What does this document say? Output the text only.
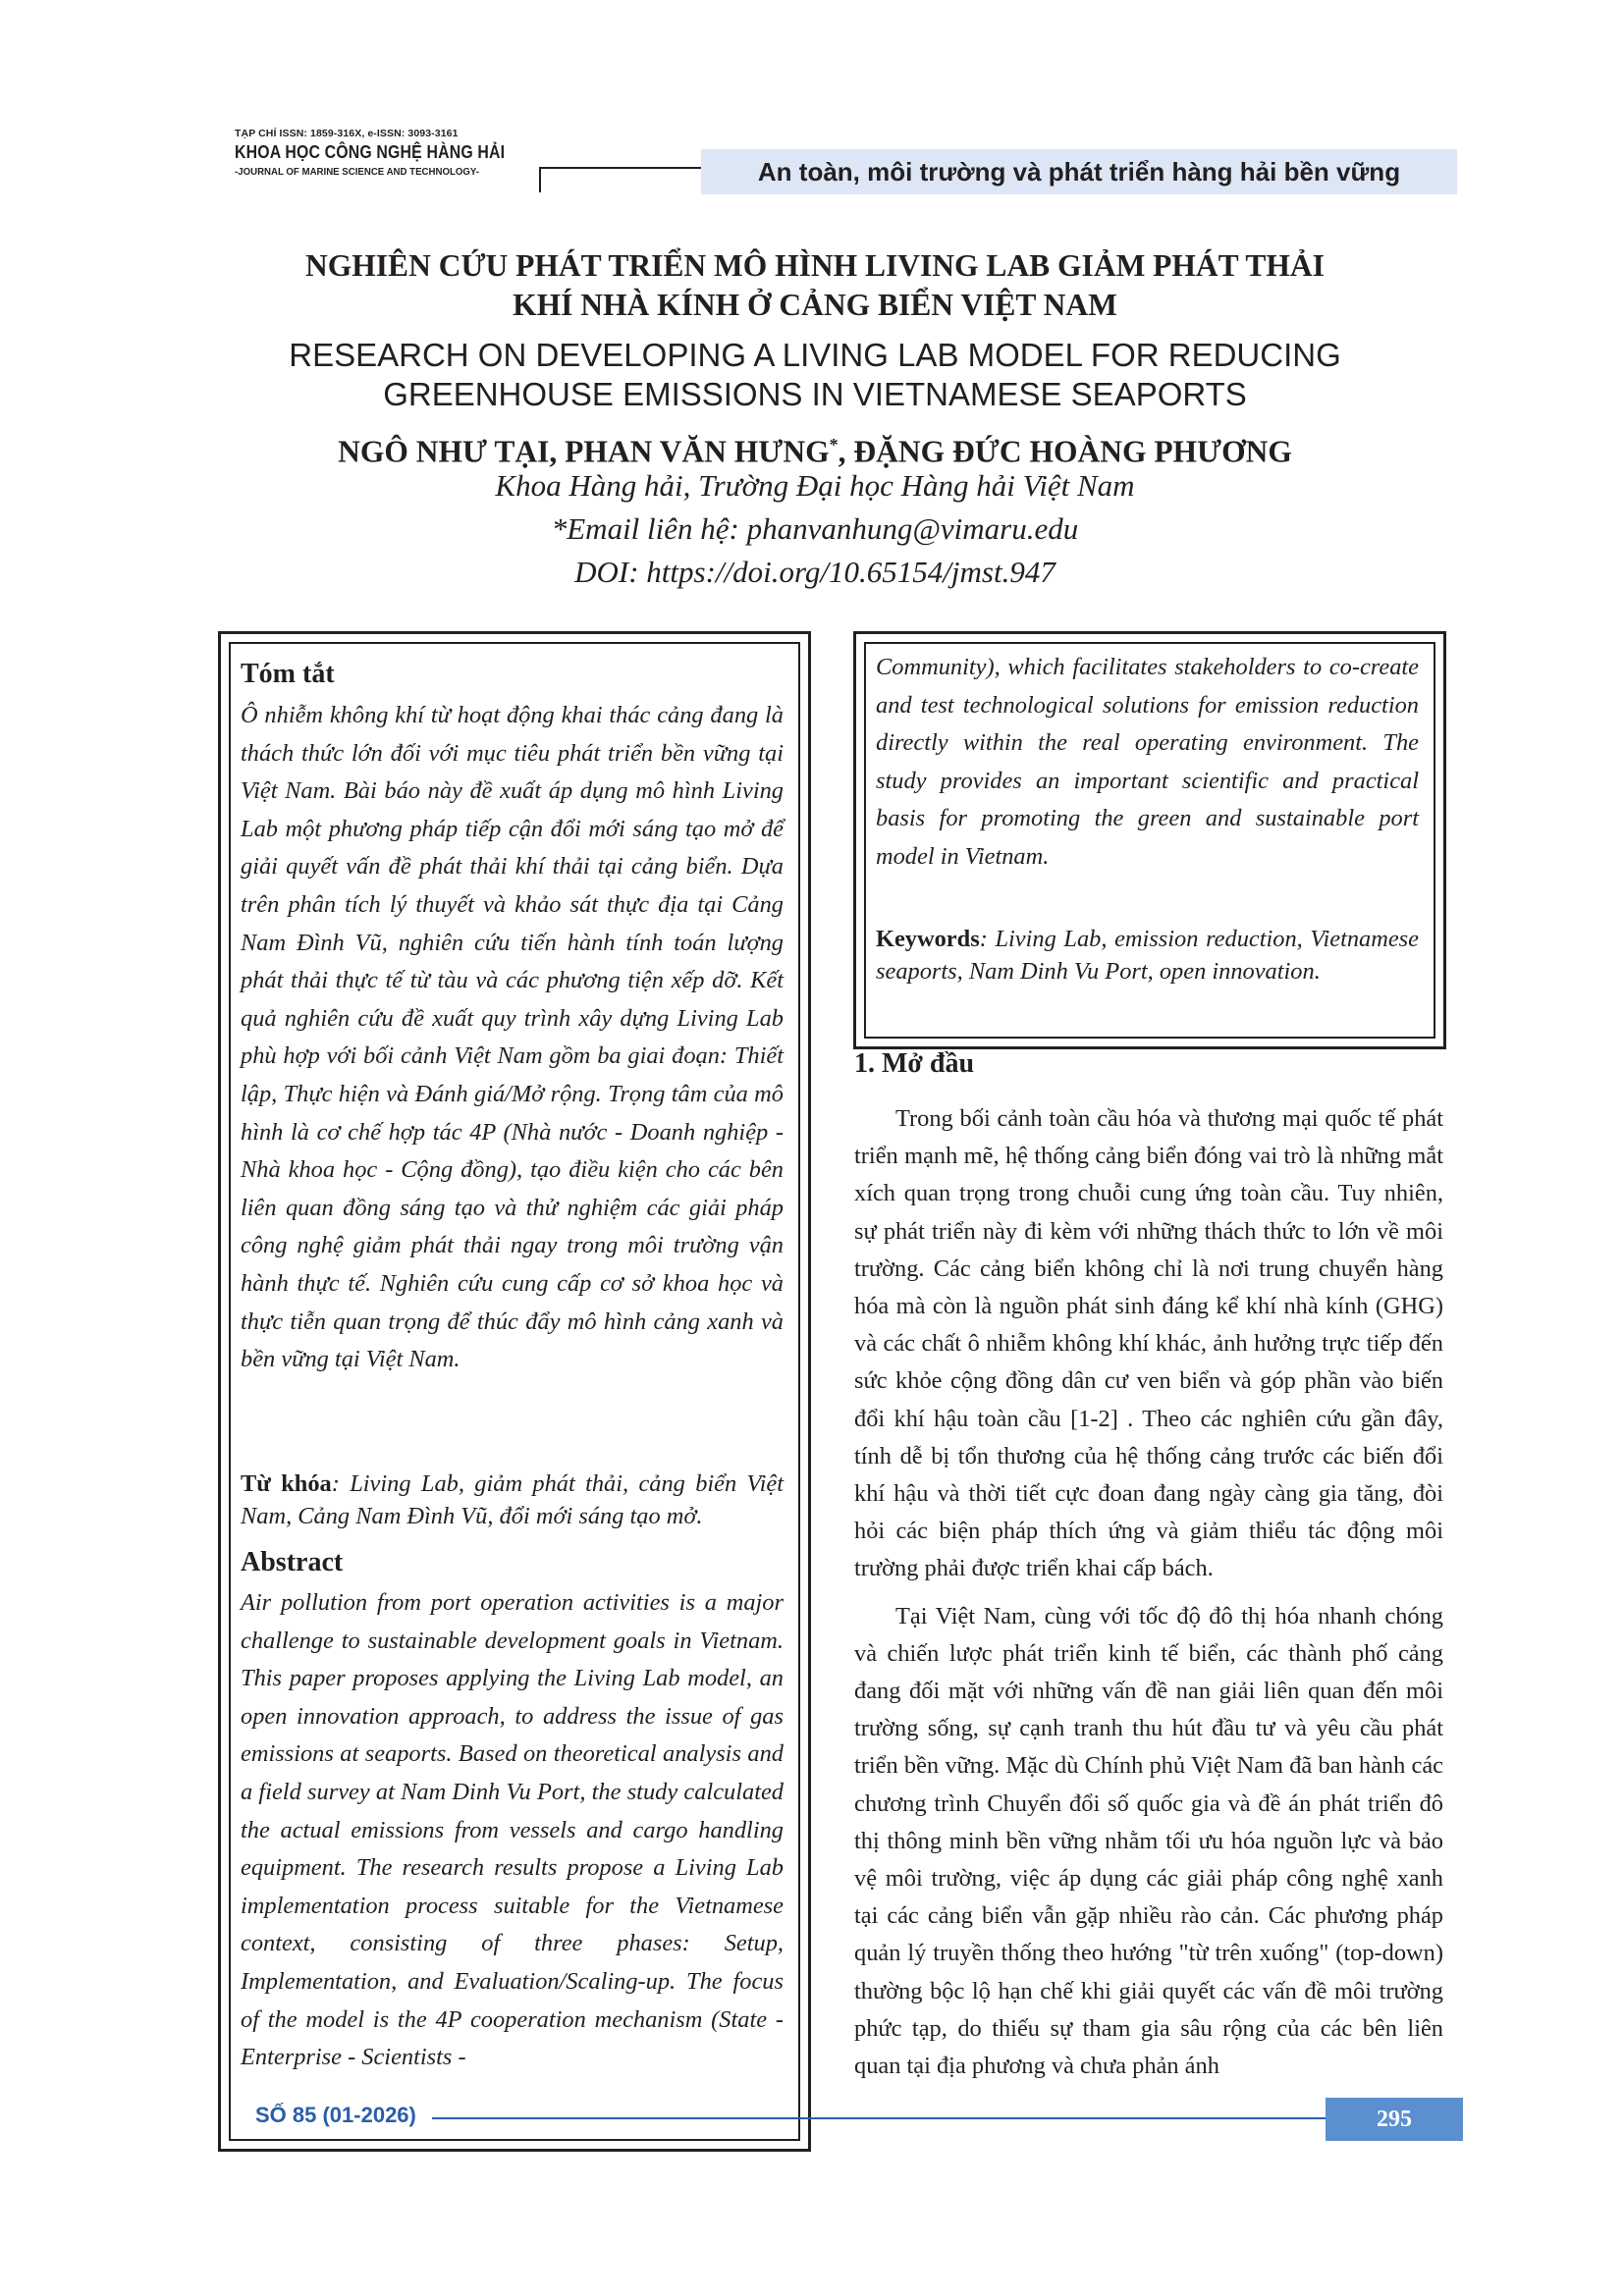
TẠP CHÍ ISSN: 1859-316X, e-ISSN: 3093-3161
KHOA HỌC CÔNG NGHỆ HÀNG HẢI
-JOURNAL OF MARINE SCIENCE AND TECHNOLOGY-	An toàn, môi trường và phát triển hàng hải bền vững
NGHIÊN CỨU PHÁT TRIỂN MÔ HÌNH LIVING LAB GIẢM PHÁT THẢI
KHÍ NHÀ KÍNH Ở CẢNG BIỂN VIỆT NAM
RESEARCH ON DEVELOPING A LIVING LAB MODEL FOR REDUCING
GREENHOUSE EMISSIONS IN VIETNAMESE SEAPORTS
NGÔ NHƯ TẠI, PHAN VĂN HƯNG*, ĐẶNG ĐỨC HOÀNG PHƯƠNG
Khoa Hàng hải, Trường Đại học Hàng hải Việt Nam
*Email liên hệ: phanvanhung@vimaru.edu
DOI: https://doi.org/10.65154/jmst.947
Tóm tắt
Ô nhiễm không khí từ hoạt động khai thác cảng đang là thách thức lớn đối với mục tiêu phát triển bền vững tại Việt Nam. Bài báo này đề xuất áp dụng mô hình Living Lab một phương pháp tiếp cận đổi mới sáng tạo mở để giải quyết vấn đề phát thải khí thải tại cảng biển. Dựa trên phân tích lý thuyết và khảo sát thực địa tại Cảng Nam Đình Vũ, nghiên cứu tiến hành tính toán lượng phát thải thực tế từ tàu và các phương tiện xếp dỡ. Kết quả nghiên cứu đề xuất quy trình xây dựng Living Lab phù hợp với bối cảnh Việt Nam gồm ba giai đoạn: Thiết lập, Thực hiện và Đánh giá/Mở rộng. Trọng tâm của mô hình là cơ chế hợp tác 4P (Nhà nước - Doanh nghiệp - Nhà khoa học - Cộng đồng), tạo điều kiện cho các bên liên quan đồng sáng tạo và thử nghiệm các giải pháp công nghệ giảm phát thải ngay trong môi trường vận hành thực tế. Nghiên cứu cung cấp cơ sở khoa học và thực tiễn quan trọng để thúc đẩy mô hình cảng xanh và bền vững tại Việt Nam.
Từ khóa: Living Lab, giảm phát thải, cảng biển Việt Nam, Cảng Nam Đình Vũ, đổi mới sáng tạo mở.
Abstract
Air pollution from port operation activities is a major challenge to sustainable development goals in Vietnam. This paper proposes applying the Living Lab model, an open innovation approach, to address the issue of gas emissions at seaports. Based on theoretical analysis and a field survey at Nam Dinh Vu Port, the study calculated the actual emissions from vessels and cargo handling equipment. The research results propose a Living Lab implementation process suitable for the Vietnamese context, consisting of three phases: Setup, Implementation, and Evaluation/Scaling-up. The focus of the model is the 4P cooperation mechanism (State - Enterprise - Scientists -
Community), which facilitates stakeholders to co-create and test technological solutions for emission reduction directly within the real operating environment. The study provides an important scientific and practical basis for promoting the green and sustainable port model in Vietnam.
Keywords: Living Lab, emission reduction, Vietnamese seaports, Nam Dinh Vu Port, open innovation.
1. Mở đầu

Trong bối cảnh toàn cầu hóa và thương mại quốc tế phát triển mạnh mẽ, hệ thống cảng biển đóng vai trò là những mắt xích quan trọng trong chuỗi cung ứng toàn cầu. Tuy nhiên, sự phát triển này đi kèm với những thách thức to lớn về môi trường. Các cảng biển không chỉ là nơi trung chuyển hàng hóa mà còn là nguồn phát sinh đáng kể khí nhà kính (GHG) và các chất ô nhiễm không khí khác, ảnh hưởng trực tiếp đến sức khỏe cộng đồng dân cư ven biển và góp phần vào biến đổi khí hậu toàn cầu [1-2] . Theo các nghiên cứu gần đây, tính dễ bị tổn thương của hệ thống cảng trước các biến đổi khí hậu và thời tiết cực đoan đang ngày càng gia tăng, đòi hỏi các biện pháp thích ứng và giảm thiểu tác động môi trường phải được triển khai cấp bách.

Tại Việt Nam, cùng với tốc độ đô thị hóa nhanh chóng và chiến lược phát triển kinh tế biển, các thành phố cảng đang đối mặt với những vấn đề nan giải liên quan đến môi trường sống, sự cạnh tranh thu hút đầu tư và yêu cầu phát triển bền vững. Mặc dù Chính phủ Việt Nam đã ban hành các chương trình Chuyển đổi số quốc gia và đề án phát triển đô thị thông minh bền vững nhằm tối ưu hóa nguồn lực và bảo vệ môi trường, việc áp dụng các giải pháp công nghệ xanh tại các cảng biển vẫn gặp nhiều rào cản. Các phương pháp quản lý truyền thống theo hướng "từ trên xuống" (top-down) thường bộc lộ hạn chế khi giải quyết các vấn đề môi trường phức tạp, do thiếu sự tham gia sâu rộng của các bên liên quan tại địa phương và chưa phản ánh

SỐ 85 (01-2026)	295
